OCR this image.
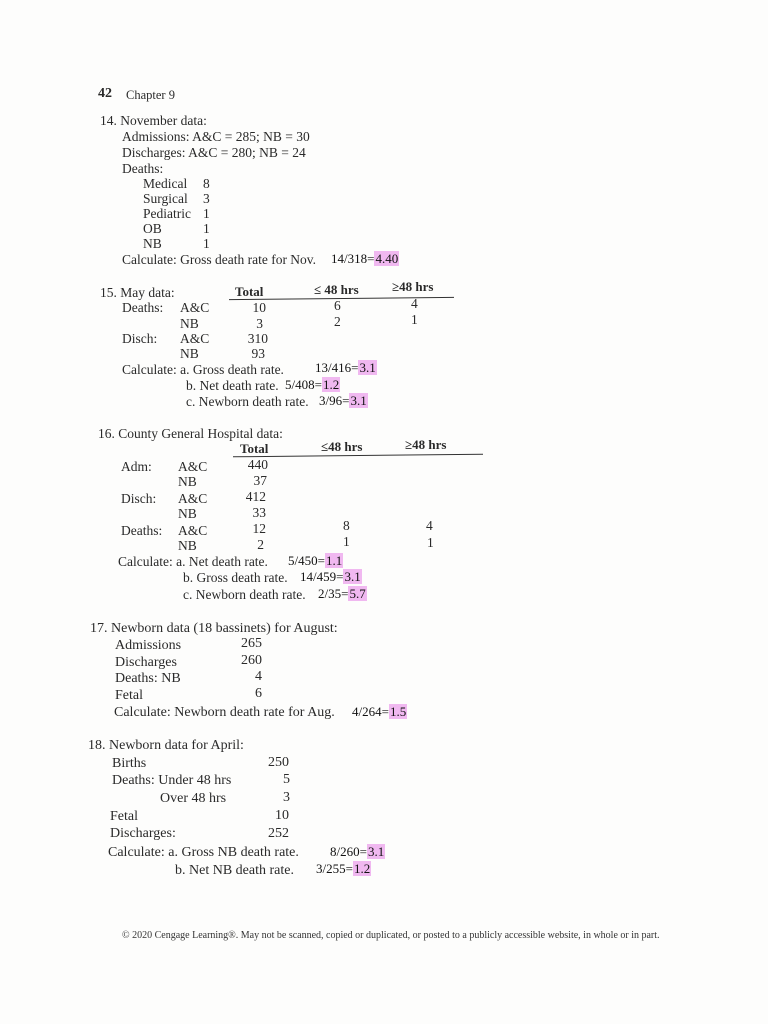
42 Chapter 9
14. November data:
Admissions: A&C = 285; NB = 30
Discharges: A&C = 280; NB = 24
Deaths:
Medical 8
Surgical 3
Pediatric 1
OB	1
NB	1
Calculate: Gross death rate for Nov. 14/318=4.40
15. May data:	Total	≤ 48 hrs	≥48 hrs
Deaths: A&C	10	6	4
NB	3	2	1
Disch: A&C	310
NB	93
Calculate: a. Gross death rate. 13/416=3.1
b. Net death rate. 5/408=1.2
c. Newborn death rate. 3/96=3.1
16. County General Hospital data:
Total	≤48 hrs	≥48 hrs
Adm: A&C	440
NB	37
Disch: A&C	412
NB	33
Deaths: A&C	12	8	4
NB	2	1	1
Calculate: a. Net death rate. 5/450=1.1
b. Gross death rate. 14/459=3.1
c. Newborn death rate. 2/35=5.7
17. Newborn data (18 bassinets) for August:
Admissions	265
Discharges	260
Deaths: NB	4
Fetal	6
Calculate: Newborn death rate for Aug. 4/264=1.5
18. Newborn data for April:
Births	250
Deaths: Under 48 hrs	5
Over 48 hrs	3
Fetal	10
Discharges:	252
Calculate: a. Gross NB death rate. 8/260=3.1
b. Net NB death rate. 3/255=1.2
© 2020 Cengage Learning®. May not be scanned, copied or duplicated, or posted to a publicly accessible website, in whole or in part.
